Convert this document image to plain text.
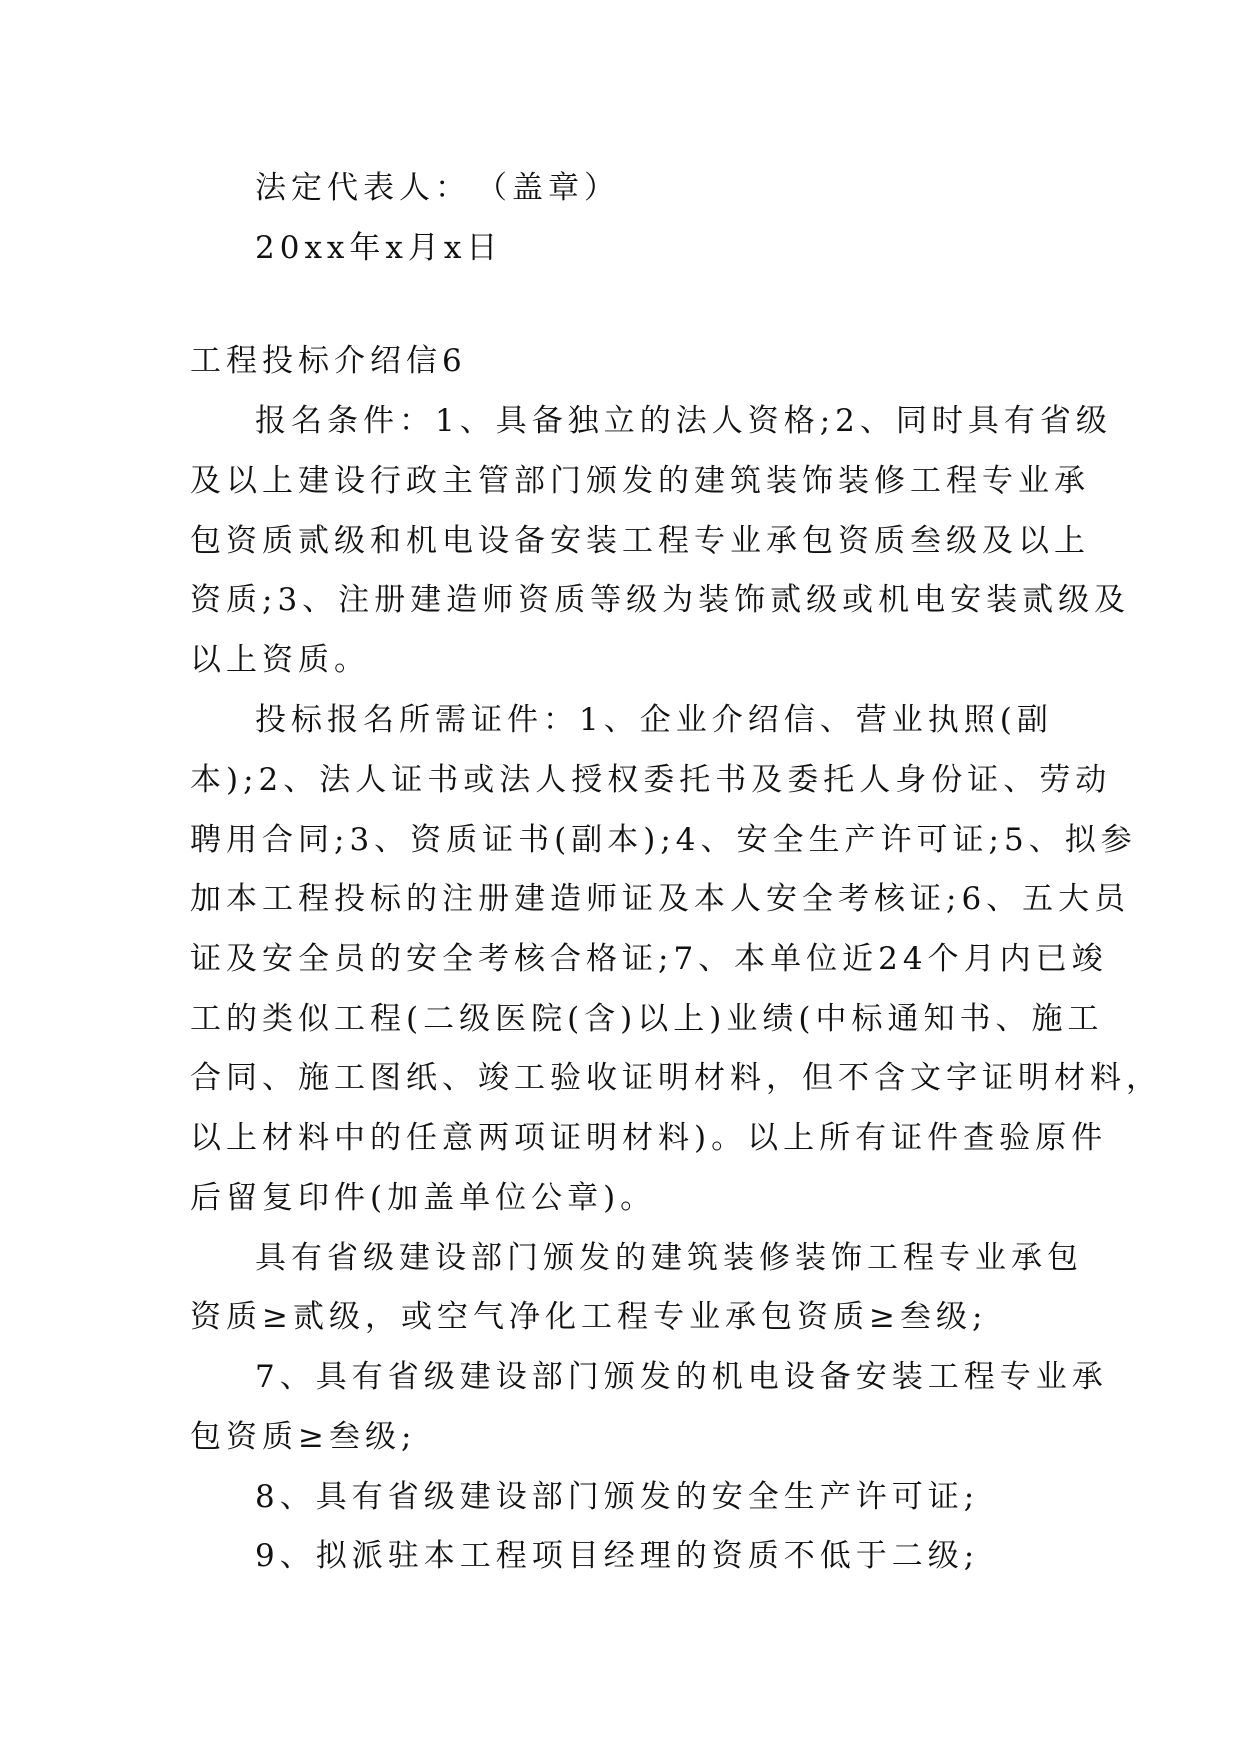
法定代表人：　（盖章）
20xx年x月x日
工程投标介绍信6
报名条件：1、具备独立的法人资格;2、同时具有省级
及以上建设行政主管部门颁发的建筑装饰装修工程专业承
包资质贰级和机电设备安装工程专业承包资质叁级及以上
资质;3、注册建造师资质等级为装饰贰级或机电安装贰级及
以上资质。
投标报名所需证件：1、企业介绍信、营业执照(副
本);2、法人证书或法人授权委托书及委托人身份证、劳动
聘用合同;3、资质证书(副本);4、安全生产许可证;5、拟参
加本工程投标的注册建造师证及本人安全考核证;6、五大员
证及安全员的安全考核合格证;7、本单位近24个月内已竣
工的类似工程(二级医院(含)以上)业绩(中标通知书、施工
合同、施工图纸、竣工验收证明材料，但不含文字证明材料，
以上材料中的任意两项证明材料)。以上所有证件查验原件
后留复印件(加盖单位公章)。
具有省级建设部门颁发的建筑装修装饰工程专业承包
资质≥贰级，或空气净化工程专业承包资质≥叁级;
7、具有省级建设部门颁发的机电设备安装工程专业承
包资质≥叁级;
8、具有省级建设部门颁发的安全生产许可证;
9、拟派驻本工程项目经理的资质不低于二级;
